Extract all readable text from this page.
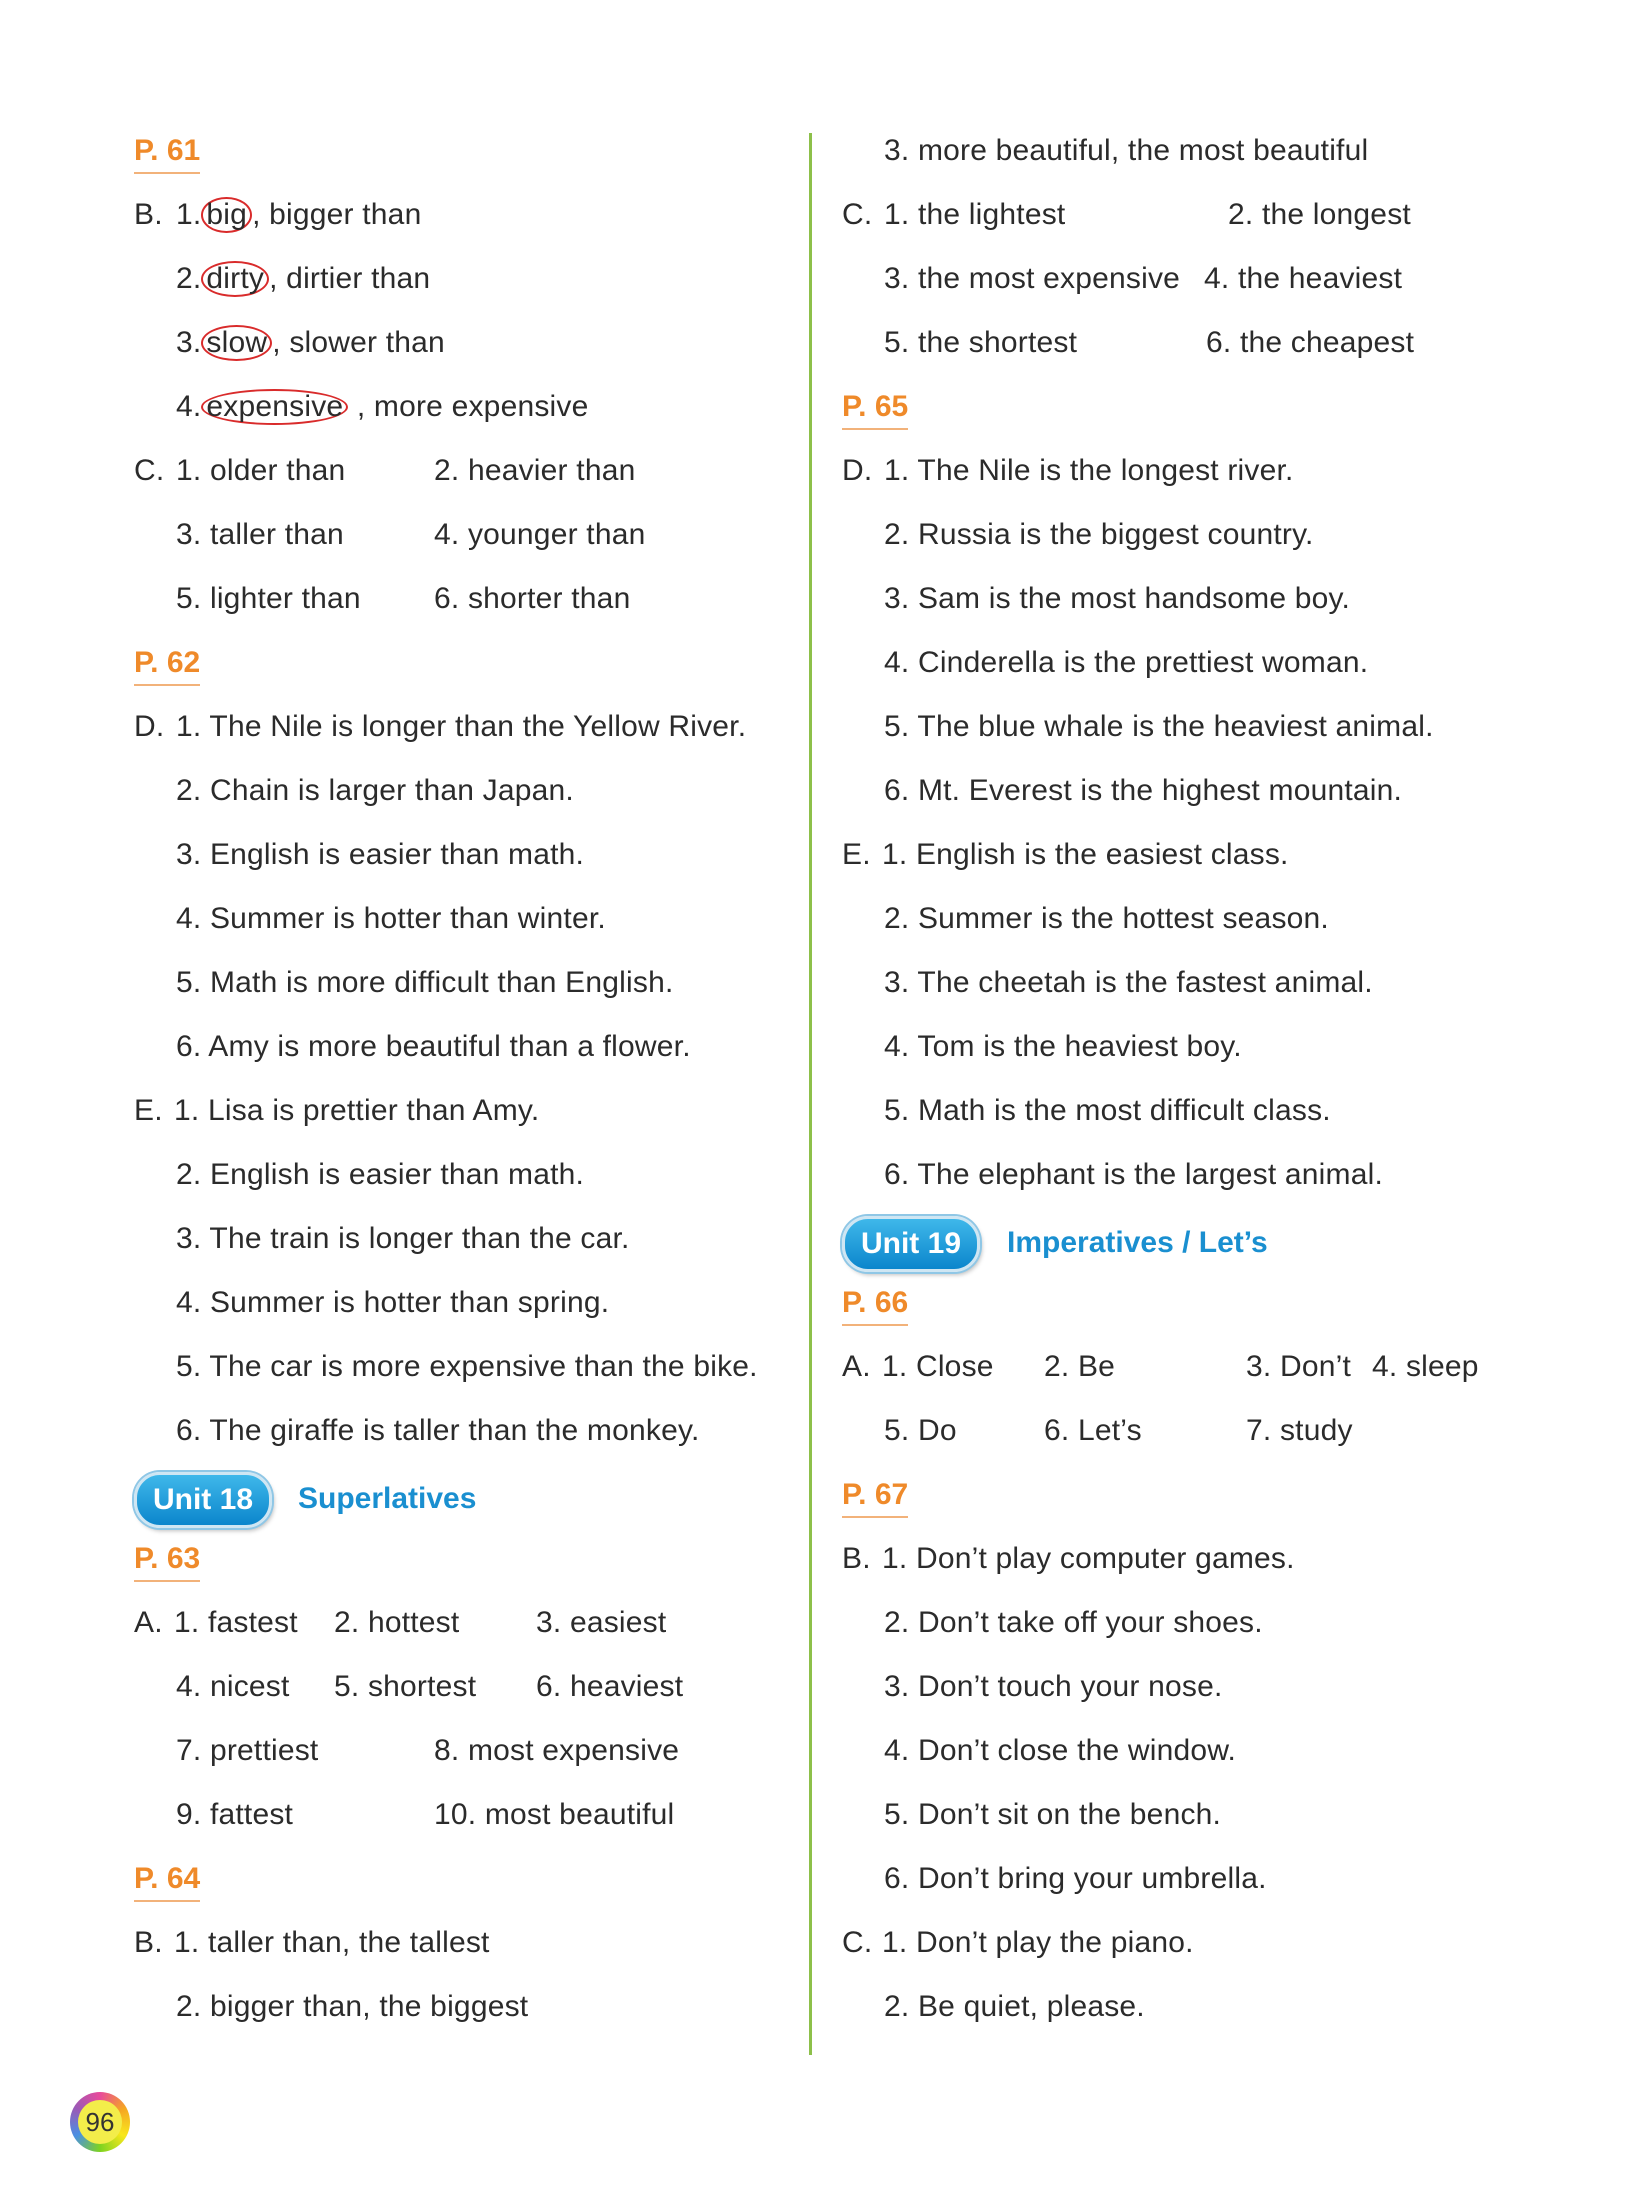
P. 61
B. 1. big , bigger than
2. dirty , dirtier than
3. slow , slower than
4. expensive , more expensive
C. 1. older than	2. heavier than
3. taller than	4. younger than
5. lighter than 6. shorter than
P. 62
D. 1. The Nile is longer than the Yellow River.
2. Chain is larger than Japan.
3. English is easier than math.
4. Summer is hotter than winter.
5. Math is more difficult than English.
6. Amy is more beautiful than a flower.
E. 1. Lisa is prettier than Amy.
2. English is easier than math.
3. The train is longer than the car.
4. Summer is hotter than spring.
5. The car is more expensive than the bike.
6. The giraffe is taller than the monkey.
Unit 18	Superlatives
P. 63
A. 1. fastest 2. hottest	3. easiest
4. nicest 5. shortest 6. heaviest
7. prettiest	8. most expensive
9. fattest	10. most beautiful
P. 64
B. 1. taller than, the tallest
2. bigger than, the biggest
3. more beautiful, the most beautiful
C. 1. the lightest	2. the longest
3. the most expensive 4. the heaviest
5. the shortest	6. the cheapest
P. 65
D. 1. The Nile is the longest river.
2. Russia is the biggest country.
3. Sam is the most handsome boy.
4. Cinderella is the prettiest woman.
5. The blue whale is the heaviest animal.
6. Mt. Everest is the highest mountain.
E. 1. English is the easiest class.
2. Summer is the hottest season.
3. The cheetah is the fastest animal.
4. Tom is the heaviest boy.
5. Math is the most difficult class.
6. The elephant is the largest animal.
Unit 19	Imperatives / Let’s
P. 66
A. 1. Close 2. Be	3. Don’t 4. sleep
5. Do	6. Let’s	7. study
P. 67
B. 1. Don’t play computer games.
2. Don’t take off your shoes.
3. Don’t touch your nose.
4. Don’t close the window.
5. Don’t sit on the bench.
6. Don’t bring your umbrella.
C. 1. Don’t play the piano.
2. Be quiet, please.
96
